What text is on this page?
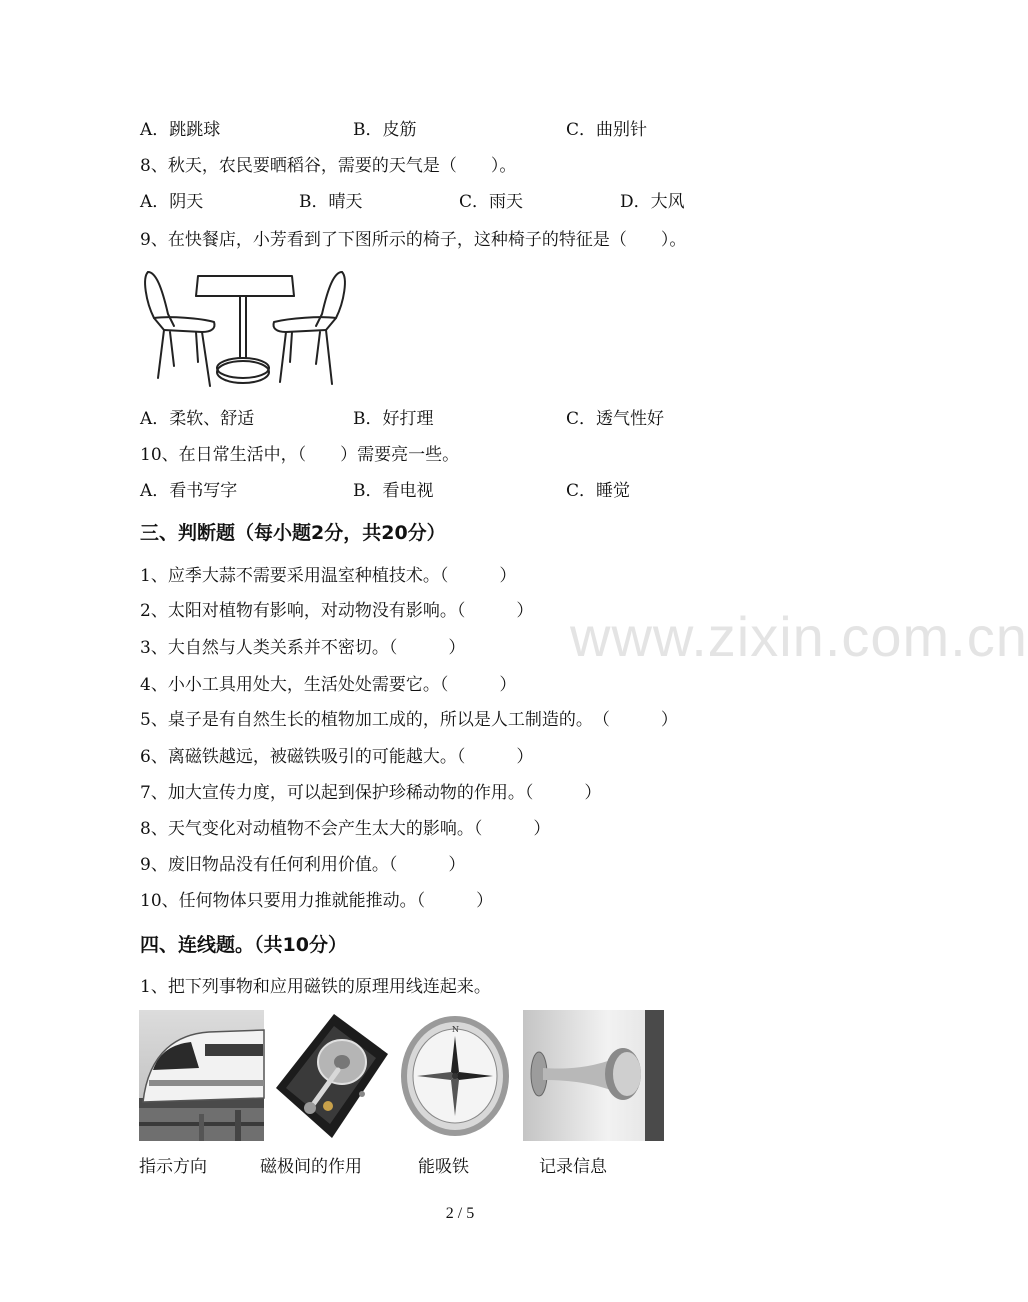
A．跳跳球	B．皮筋	C．曲别针
8、秋天，农民要晒稻谷，需要的天气是（　　）。
A．阴天	B．晴天	C．雨天	D．大风
9、在快餐店，小芳看到了下图所示的椅子，这种椅子的特征是（　　）。
A．柔软、舒适	B．好打理	C．透气性好
10、在日常生活中，（　　）需要亮一些。
A．看书写字	B．看电视	C．睡觉
三、判断题（每小题2分，共20分）
1、应季大蒜不需要采用温室种植技术。（　　　）
2、太阳对植物有影响，对动物没有影响。（　　　）
3、大自然与人类关系并不密切。（　　　）
4、小小工具用处大，生活处处需要它。（　　　）
5、桌子是有自然生长的植物加工成的，所以是人工制造的。　（　　　）
6、离磁铁越远，被磁铁吸引的可能越大。（　　　）
7、加大宣传力度，可以起到保护珍稀动物的作用。（　　　）
8、天气变化对动植物不会产生太大的影响。（　　　）
9、废旧物品没有任何利用价值。（　　　）
10、任何物体只要用力推就能推动。（　　　）
www.zixin.com.cn
四、连线题。（共10分）
1、把下列事物和应用磁铁的原理用线连起来。
N
指示方向	磁极间的作用	能吸铁	记录信息
2 / 5
